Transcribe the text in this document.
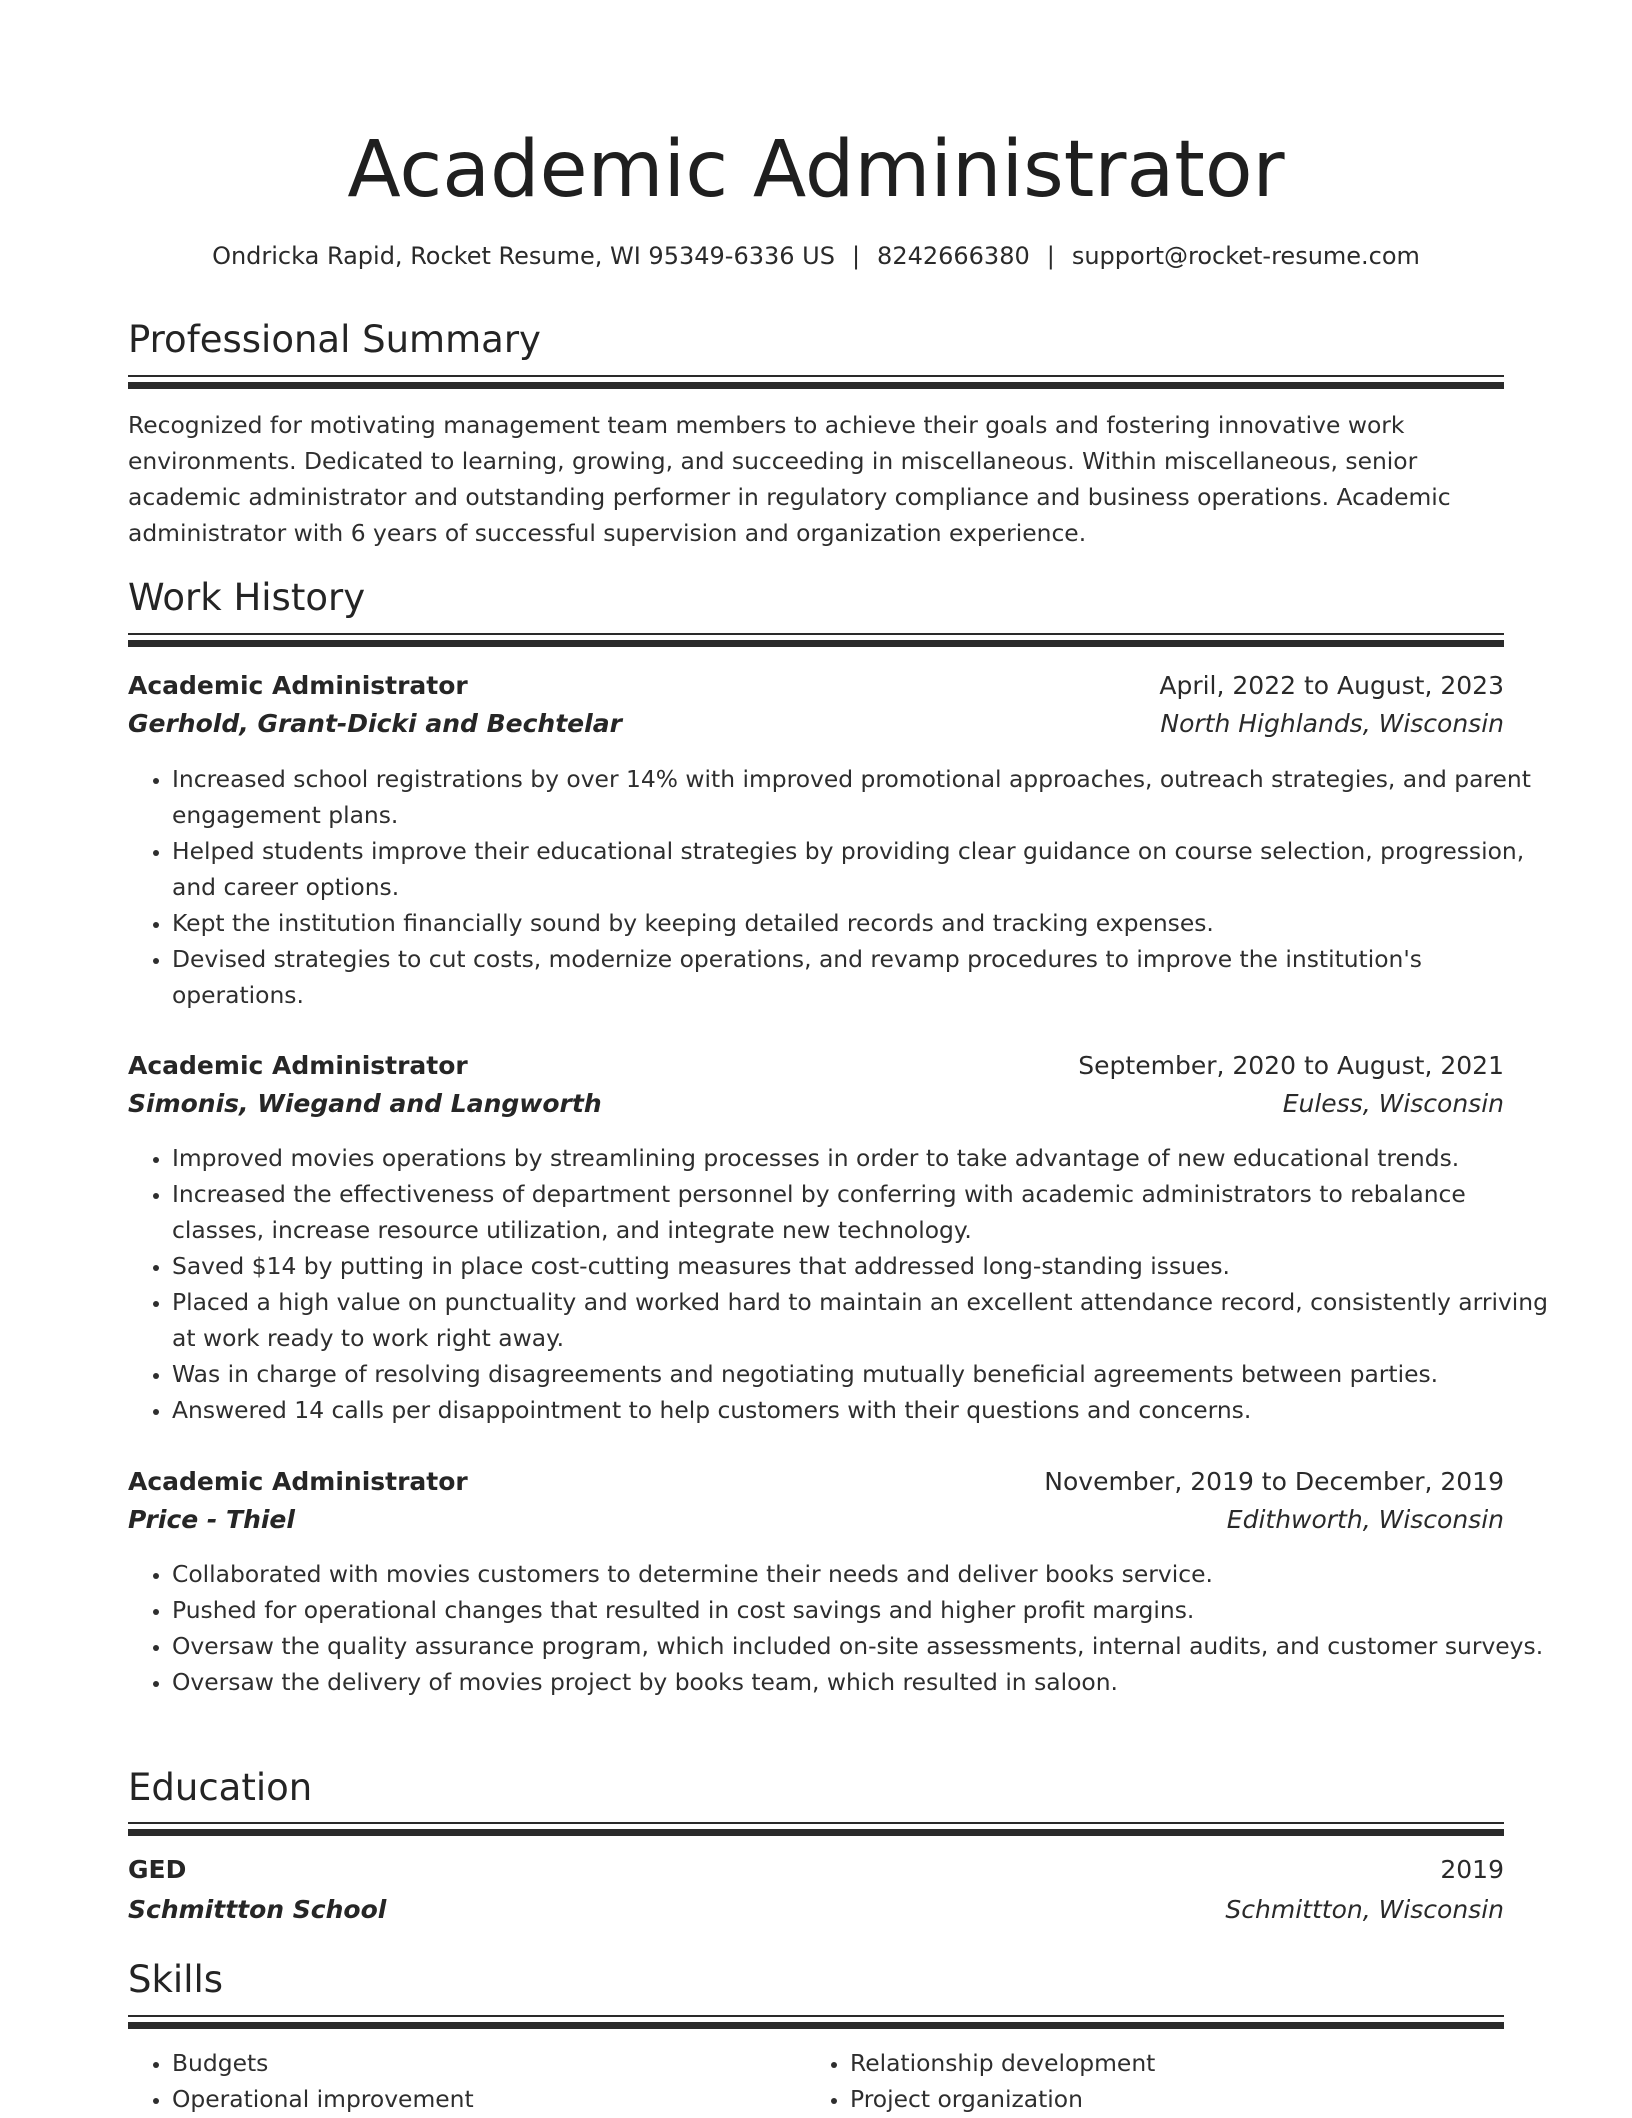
Academic Administrator
Ondricka Rapid, Rocket Resume, WI 95349-6336 US | 8242666380 | support@rocket-resume.com
Professional Summary

Recognized for motivating management team members to achieve their goals and fostering innovative work environments. Dedicated to learning, growing, and succeeding in miscellaneous. Within miscellaneous, senior academic administrator and outstanding performer in regulatory compliance and business operations. Academic administrator with 6 years of successful supervision and organization experience.

Work History
Academic Administrator	April, 2022 to August, 2023
Gerhold, Grant-Dicki and Bechtelar	North Highlands, Wisconsin
• Increased school registrations by over 14% with improved promotional approaches, outreach strategies, and parent engagement plans.
• Helped students improve their educational strategies by providing clear guidance on course selection, progression, and career options.
• Kept the institution financially sound by keeping detailed records and tracking expenses.
• Devised strategies to cut costs, modernize operations, and revamp procedures to improve the institution's operations.
Academic Administrator	September, 2020 to August, 2021
Simonis, Wiegand and Langworth	Euless, Wisconsin
• Improved movies operations by streamlining processes in order to take advantage of new educational trends.
• Increased the effectiveness of department personnel by conferring with academic administrators to rebalance classes, increase resource utilization, and integrate new technology.
• Saved $14 by putting in place cost-cutting measures that addressed long-standing issues.
• Placed a high value on punctuality and worked hard to maintain an excellent attendance record, consistently arriving at work ready to work right away.
• Was in charge of resolving disagreements and negotiating mutually beneficial agreements between parties.
• Answered 14 calls per disappointment to help customers with their questions and concerns.
Academic Administrator	November, 2019 to December, 2019
Price - Thiel	Edithworth, Wisconsin
• Collaborated with movies customers to determine their needs and deliver books service.
• Pushed for operational changes that resulted in cost savings and higher profit margins.
• Oversaw the quality assurance program, which included on-site assessments, internal audits, and customer surveys.
• Oversaw the delivery of movies project by books team, which resulted in saloon.
Education
GED	2019
Schmittton School	Schmittton, Wisconsin
Skills
• Budgets
• Operational improvement
• Relationship development
• Project organization
